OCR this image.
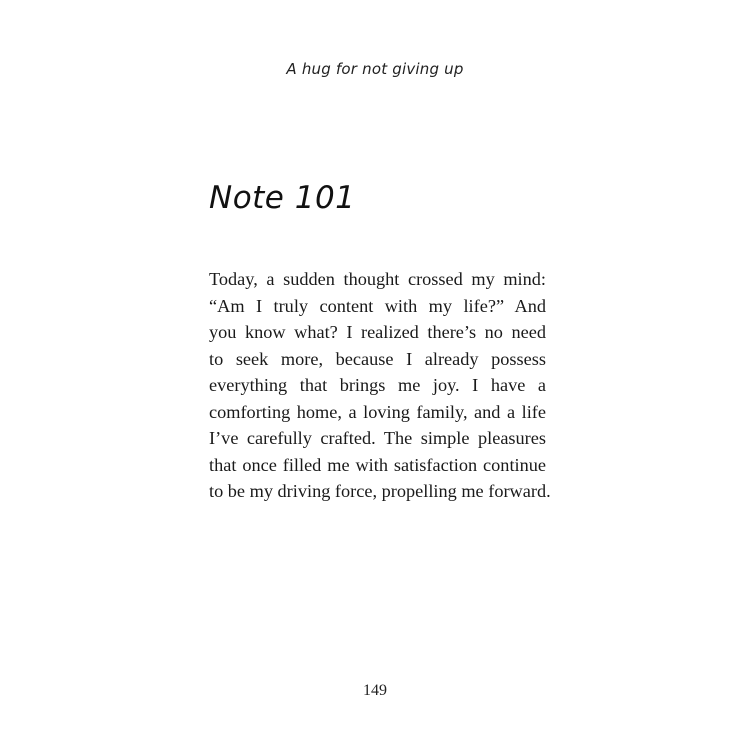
A hug for not giving up
Note 101

Today, a sudden thought crossed my mind:
“Am I truly content with my life?” And
you know what? I realized there’s no need
to seek more, because I already possess
everything that brings me joy. I have a
comforting home, a loving family, and a life
I’ve carefully crafted. The simple pleasures
that once filled me with satisfaction continue
to be my driving force, propelling me forward.

149
